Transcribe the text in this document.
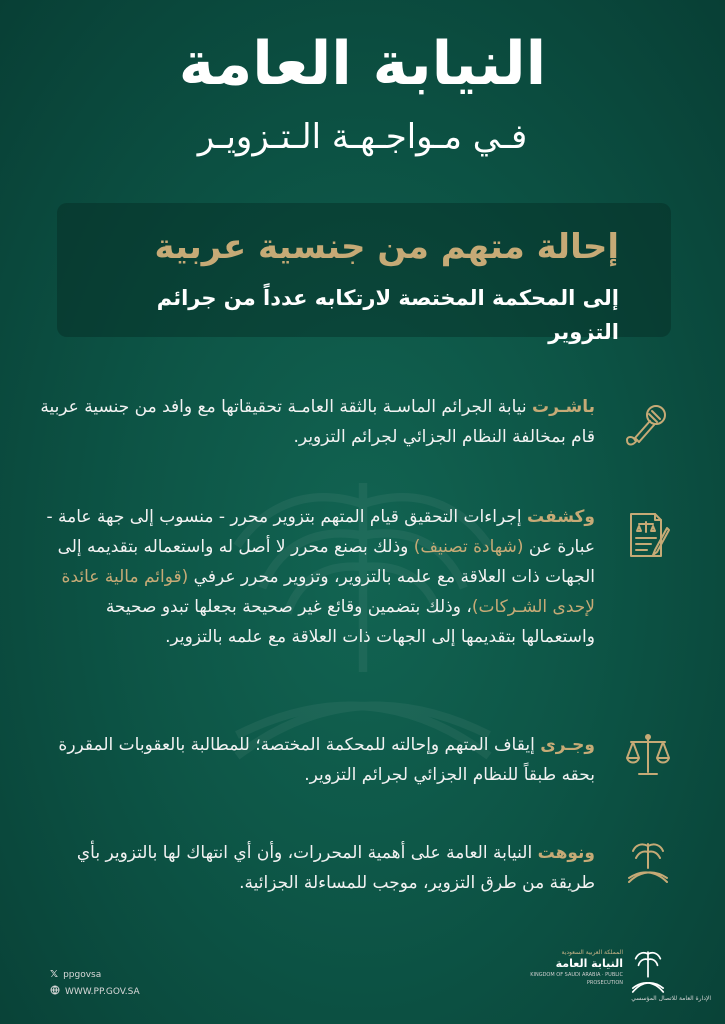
النيابة العامة
فـي مـواجـهـة الـتـزويـر
إحالة متهم من جنسية عربية
إلى المحكمة المختصة لارتكابه عدداً من جرائم التزوير

باشـرت نيابة الجرائم الماسـة بالثقة العامـة تحقيقاتها مع وافد من جنسية عربية قام بمخالفة النظام الجزائي لجرائم التزوير.

وكشفت إجراءات التحقيق قيام المتهم بتزوير محرر - منسوب إلى جهة عامة - عبارة عن (شهادة تصنيف) وذلك بصنع محرر لا أصل له واستعماله بتقديمه إلى الجهات ذات العلاقة مع علمه بالتزوير، وتزوير محرر عرفي (قوائم مالية عائدة لإحدى الشـركات)، وذلك بتضمين وقائع غير صحيحة بجعلها تبدو صحيحة واستعمالها بتقديمها إلى الجهات ذات العلاقة مع علمه بالتزوير.

وجـرى إيقاف المتهم وإحالته للمحكمة المختصة؛ للمطالبة بالعقوبات المقررة بحقه طبقاً للنظام الجزائي لجرائم التزوير.

ونوهت النيابة العامة على أهمية المحررات، وأن أي انتهاك لها بالتزوير بأي طريقة من طرق التزوير، موجب للمساءلة الجزائية.

𝕏 ppgovsa
WWW.PP.GOV.SA
المملكة العربية السعودية
النيابة العامة
KINGDOM OF SAUDI ARABIA · PUBLIC PROSECUTION
الإدارة العامة للاتصال المؤسسي
